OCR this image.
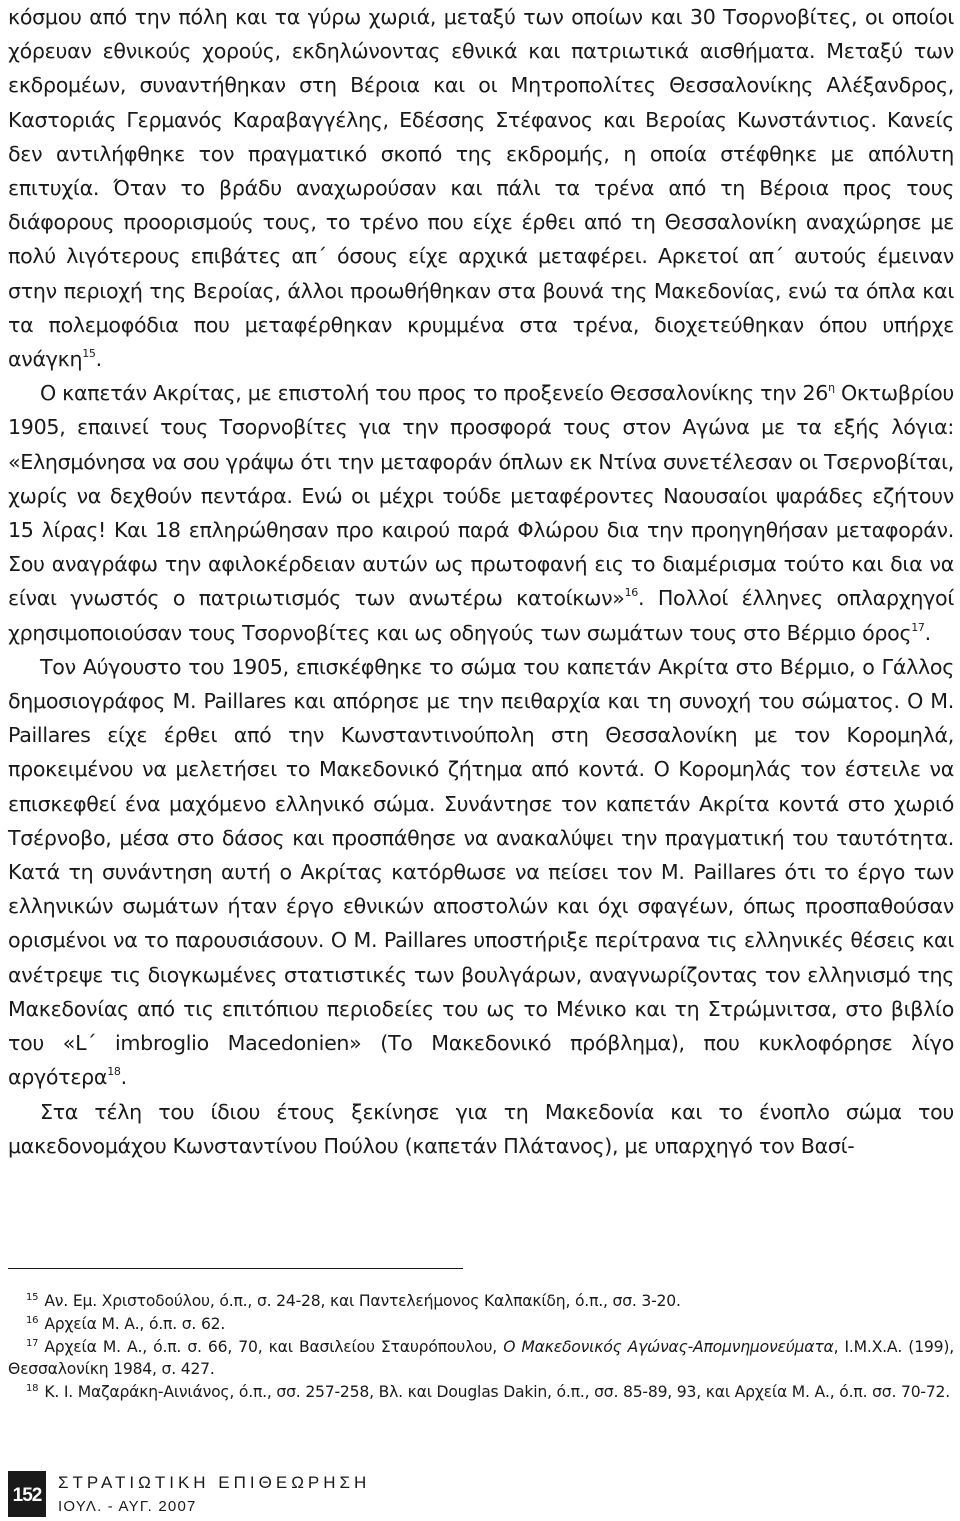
κόσμου από την πόλη και τα γύρω χωριά, μεταξύ των οποίων και 30 Τσορνοβίτες, οι οποίοι χόρευαν εθνικούς χορούς, εκδηλώνοντας εθνικά και πατριωτικά αισθήματα. Μεταξύ των εκδρομέων, συναντήθηκαν στη Βέροια και οι Μητροπολίτες Θεσσαλονίκης Αλέξανδρος, Καστοριάς Γερμανός Καραβαγγέλης, Εδέσσης Στέφανος και Βεροίας Κωνστάντιος. Κανείς δεν αντιλήφθηκε τον πραγματικό σκοπό της εκδρομής, η οποία στέφθηκε με απόλυτη επιτυχία. Όταν το βράδυ αναχωρούσαν και πάλι τα τρένα από τη Βέροια προς τους διάφορους προορισμούς τους, το τρένο που είχε έρθει από τη Θεσσαλονίκη αναχώρησε με πολύ λιγότερους επιβάτες απ΄ όσους είχε αρχικά μεταφέρει. Αρκετοί απ΄ αυτούς έμειναν στην περιοχή της Βεροίας, άλλοι προωθήθηκαν στα βουνά της Μακεδονίας, ενώ τα όπλα και τα πολεμοφόδια που μεταφέρθηκαν κρυμμένα στα τρένα, διοχετεύθηκαν όπου υπήρχε ανάγκη$^{15}$.

Ο καπετάν Ακρίτας, με επιστολή του προς το προξενείο Θεσσαλονίκης την $26^\eta$ Οκτωβρίου 1905, επαινεί τους Τσορνοβίτες για την προσφορά τους στον Αγώνα με τα εξής λόγια: «Ελησμόνησα να σου γράψω ότι την μεταφοράν όπλων εκ Ντίνα συνετέλεσαν οι Τσερνοβίται, χωρίς να δεχθούν πεντάρα. Ενώ οι μέχρι τούδε μεταφέροντες Ναουσαίοι ψαράδες εζήτουν 15 λίρας! Και 18 επληρώθησαν προ καιρού παρά Φλώρου δια την προηγηθήσαν μεταφοράν. Σου αναγράφω την αφιλοκέρδειαν αυτών ως πρωτοφανή εις το διαμέρισμα τούτο και δια να είναι γνωστός ο πατριωτισμός των ανωτέρω κατοίκων»$^{16}$. Πολλοί έλληνες οπλαρχηγοί χρησιμοποιούσαν τους Τσορνοβίτες και ως οδηγούς των σωμάτων τους στο Βέρμιο όρος$^{17}$.

Τον Αύγουστο του 1905, επισκέφθηκε το σώμα του καπετάν Ακρίτα στο Βέρμιο, ο Γάλλος δημοσιογράφος Μ. Paillares και απόρησε με την πειθαρχία και τη συνοχή του σώματος. Ο Μ. Paillares είχε έρθει από την Κωνσταντινούπολη στη Θεσσαλονίκη με τον Κορομηλά, προκειμένου να μελετήσει το Μακεδονικό ζήτημα από κοντά. Ο Κορομηλάς τον έστειλε να επισκεφθεί ένα μαχόμενο ελληνικό σώμα. Συνάντησε τον καπετάν Ακρίτα κοντά στο χωριό Τσέρνοβο, μέσα στο δάσος και προσπάθησε να ανακαλύψει την πραγματική του ταυτότητα. Κατά τη συνάντηση αυτή ο Ακρίτας κατόρθωσε να πείσει τον Μ. Paillares ότι το έργο των ελληνικών σωμάτων ήταν έργο εθνικών αποστολών και όχι σφαγέων, όπως προσπαθούσαν ορισμένοι να το παρουσιάσουν. Ο Μ. Paillares υποστήριξε περίτρανα τις ελληνικές θέσεις και ανέτρεψε τις διογκωμένες στατιστικές των βουλγάρων, αναγνωρίζοντας τον ελληνισμό της Μακεδονίας από τις επιτόπιου περιοδείες του ως το Μένικο και τη Στρώμνιτσα, στο βιβλίο του «L΄ imbroglio Macedonien» (Το Μακεδονικό πρόβλημα), που κυκλοφόρησε λίγο αργότερα$^{18}$.

Στα τέλη του ίδιου έτους ξεκίνησε για τη Μακεδονία και το ένοπλο σώμα του μακεδονομάχου Κωνσταντίνου Πούλου (καπετάν Πλάτανος), με υπαρχηγό τον Βασί-

$^{15}$ Αν. Εμ. Χριστοδούλου, ό.π., σ. 24-28, και Παντελεήμονος Καλπακίδη, ό.π., σσ. 3-20.

$^{16}$ Αρχεία Μ. Α., ό.π. σ. 62.

$^{17}$ Αρχεία Μ. Α., ό.π. σ. 66, 70, και Βασιλείου Σταυρόπουλου, Ο Μακεδονικός Αγώνας-Απομνημονεύματα, Ι.Μ.Χ.Α. (199), Θεσσαλονίκη 1984, σ. 427.

$^{18}$ Κ. Ι. Μαζαράκη-Αινιάνος, ό.π., σσ. 257-258, Βλ. και Douglas Dakin, ό.π., σσ. 85-89, 93, και Αρχεία Μ. Α., ό.π. σσ. 70-72.

152
ΣΤΡΑΤΙΩΤΙΚΗ ΕΠΙΘΕΩΡΗΣΗ
ΙΟΥΛ. - ΑΥΓ. 2007
